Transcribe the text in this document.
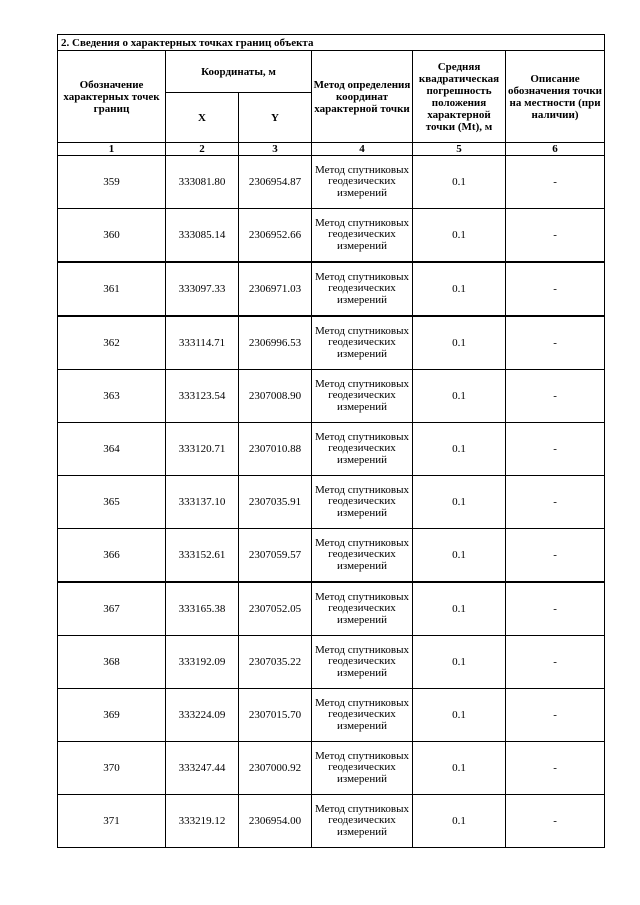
2. Сведения о характерных точках границ объекта					
Обозначение характерных точек границ	Координаты, м		Метод определения координат характерной точки	Средняя квадратическая погрешность положения характерной точки (Mt), м	Описание обозначения точки на местности (при наличии)
	X	Y			
1	2	3	4	5	6
359	333081.80	2306954.87	Метод спутниковых геодезических измерений	0.1	-
360	333085.14	2306952.66	Метод спутниковых геодезических измерений	0.1	-
361	333097.33	2306971.03	Метод спутниковых геодезических измерений	0.1	-
362	333114.71	2306996.53	Метод спутниковых геодезических измерений	0.1	-
363	333123.54	2307008.90	Метод спутниковых геодезических измерений	0.1	-
364	333120.71	2307010.88	Метод спутниковых геодезических измерений	0.1	-
365	333137.10	2307035.91	Метод спутниковых геодезических измерений	0.1	-
366	333152.61	2307059.57	Метод спутниковых геодезических измерений	0.1	-
367	333165.38	2307052.05	Метод спутниковых геодезических измерений	0.1	-
368	333192.09	2307035.22	Метод спутниковых геодезических измерений	0.1	-
369	333224.09	2307015.70	Метод спутниковых геодезических измерений	0.1	-
370	333247.44	2307000.92	Метод спутниковых геодезических измерений	0.1	-
371	333219.12	2306954.00	Метод спутниковых геодезических измерений	0.1	-
